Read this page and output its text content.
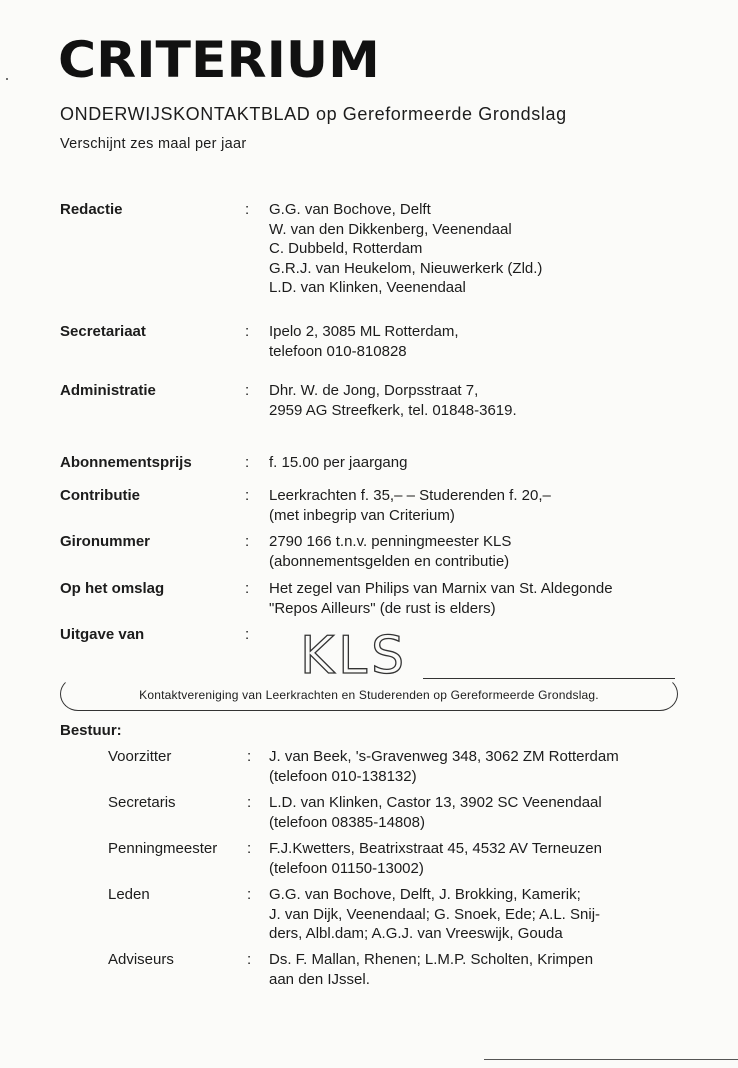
CRITERIUM
ONDERWIJSKONTAKTBLAD op Gereformeerde Grondslag
Verschijnt zes maal per jaar
Redactie	: G.G. van Bochove, Delft
W. van den Dikkenberg, Veenendaal
C. Dubbeld, Rotterdam
G.R.J. van Heukelom, Nieuwerkerk (Zld.)
L.D. van Klinken, Veenendaal
Secretariaat	: Ipelo 2, 3085 ML Rotterdam,
telefoon 010-810828
Administratie	: Dhr. W. de Jong, Dorpsstraat 7,
2959 AG Streefkerk, tel. 01848-3619.
Abonnementsprijs	: f. 15.00 per jaargang
Contributie	: Leerkrachten f. 35,– – Studerenden f. 20,–
(met inbegrip van Criterium)
Gironummer	: 2790 166 t.n.v. penningmeester KLS
(abonnementsgelden en contributie)
Op het omslag	: Het zegel van Philips van Marnix van St. Aldegonde
"Repos Ailleurs" (de rust is elders)
Uitgave van	: KLS
Kontaktvereniging van Leerkrachten en Studerenden op Gereformeerde Grondslag.
Bestuur:
Voorzitter	: J. van Beek, 's-Gravenweg 348, 3062 ZM Rotterdam
(telefoon 010-138132)
Secretaris	: L.D. van Klinken, Castor 13, 3902 SC Veenendaal
(telefoon 08385-14808)
Penningmeester : F.J.Kwetters, Beatrixstraat 45, 4532 AV Terneuzen
(telefoon 01150-13002)
Leden	: G.G. van Bochove, Delft, J. Brokking, Kamerik;
J. van Dijk, Veenendaal; G. Snoek, Ede; A.L. Snij-
ders, Albl.dam; A.G.J. van Vreeswijk, Gouda
Adviseurs	: Ds. F. Mallan, Rhenen; L.M.P. Scholten, Krimpen
aan den IJssel.
